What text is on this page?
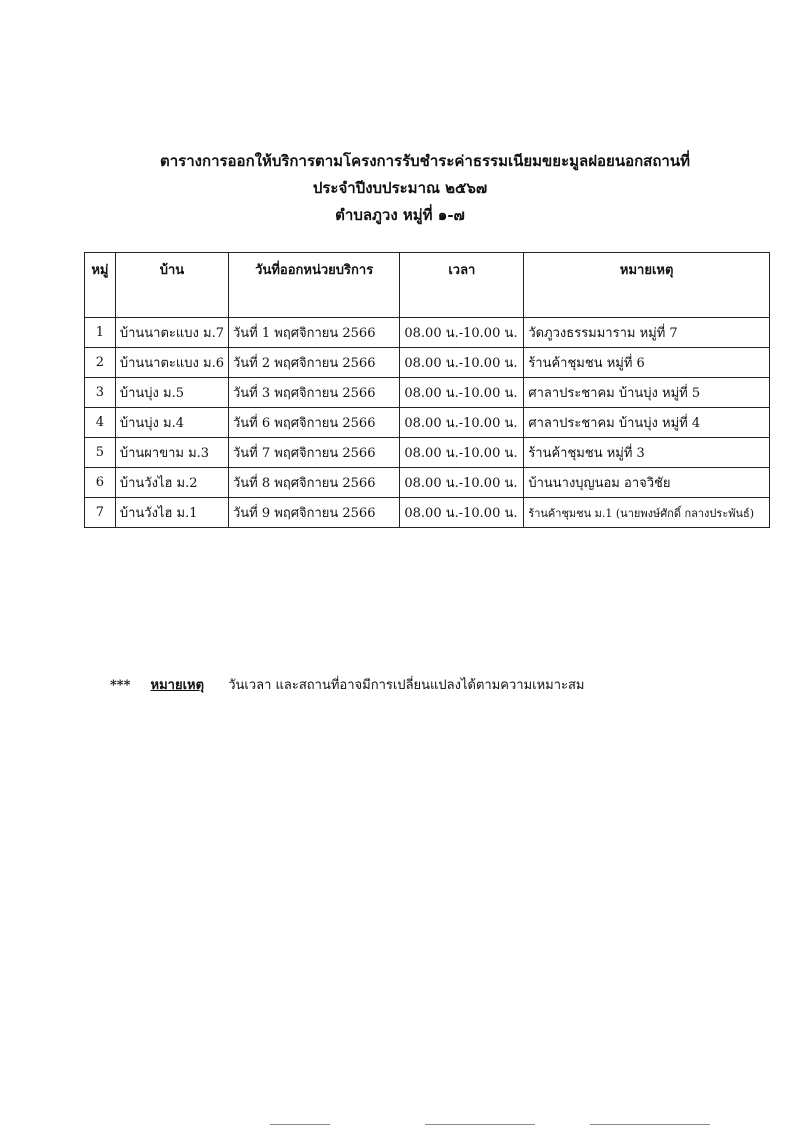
ตารางการออกให้บริการตามโครงการรับชำระค่าธรรมเนียมขยะมูลฝอยนอกสถานที่
ประจำปีงบประมาณ ๒๕๖๗
ตำบลภูวง หมู่ที่ ๑-๗
หมู่	บ้าน	วันที่ออกหน่วยบริการ	เวลา	หมายเหตุ
1	บ้านนาตะแบง ม.7	วันที่ 1 พฤศจิกายน 2566	08.00 น.-10.00 น.	วัดภูวงธรรมมาราม หมู่ที่ 7
2	บ้านนาตะแบง ม.6	วันที่ 2 พฤศจิกายน 2566	08.00 น.-10.00 น.	ร้านค้าชุมชน หมู่ที่ 6
3	บ้านบุ่ง ม.5	วันที่ 3 พฤศจิกายน 2566	08.00 น.-10.00 น.	ศาลาประชาคม บ้านบุ่ง หมู่ที่ 5
4	บ้านบุ่ง ม.4	วันที่ 6 พฤศจิกายน 2566	08.00 น.-10.00 น.	ศาลาประชาคม บ้านบุ่ง หมู่ที่ 4
5	บ้านผาขาม ม.3	วันที่ 7 พฤศจิกายน 2566	08.00 น.-10.00 น.	ร้านค้าชุมชน หมู่ที่ 3
6	บ้านวังไฮ ม.2	วันที่ 8 พฤศจิกายน 2566	08.00 น.-10.00 น.	บ้านนางบุญนอม อาจวิชัย
7	บ้านวังไฮ ม.1	วันที่ 9 พฤศจิกายน 2566	08.00 น.-10.00 น.	ร้านค้าชุมชน ม.1 (นายพงษ์ศักดิ์ กลางประพันธ์)
*** หมายเหตุ วันเวลา และสถานที่อาจมีการเปลี่ยนแปลงได้ตามความเหมาะสม
